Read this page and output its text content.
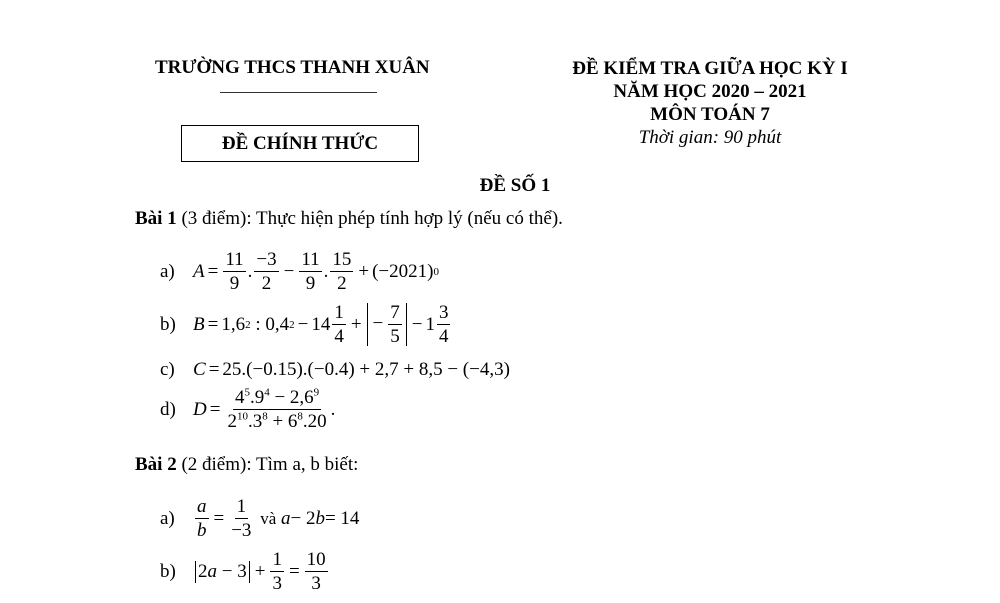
TRƯỜNG THCS THANH XUÂN
ĐỀ CHÍNH THỨC
ĐỀ KIỂM TRA GIỮA HỌC KỲ I
NĂM HỌC 2020 – 2021
MÔN TOÁN 7
Thời gian: 90 phút
ĐỀ SỐ 1
Bài 1 (3 điểm): Thực hiện phép tính hợp lý (nếu có thể).
a) $A = \frac{11}{9}$ . $\frac{-3}{2} - \frac{11}{9}$ . $\frac{15}{2} + (-2021)$ 0
b) B = 1,6 2
: 0,4 $2 - 14 \frac{1}{4}$ + − $\frac{7}{5} - 1 \frac{3}{4}$
c) C = 25.(−0.15).(−0.4) + 2,7 + 8,5 − (−4,3)
d) $D = \frac{4^5.9^4 - 2,6^9}{2^{10}.3^8 + 6^8.20}$ .
Bài 2 (2 điểm): Tìm a, b biết:
a)	$\frac{a}{b} = \frac{1}{-3}$
và
a − 2 b = 14
b)	$2a - 3 + \frac{1}{3} = \frac{10}{3}$
